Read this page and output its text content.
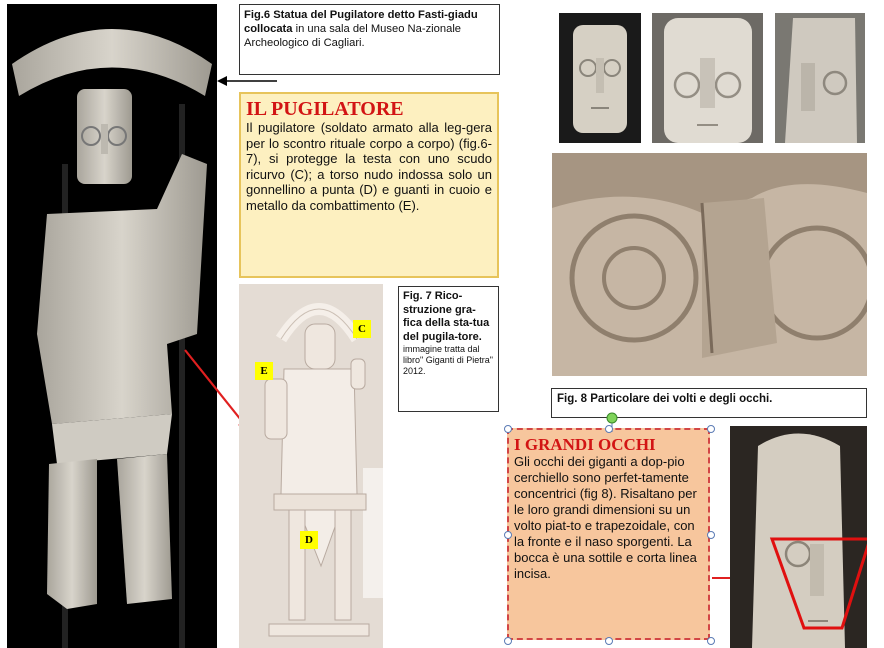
Fig.6 Statua del Pugilatore detto Fasti-giadu collocata in una sala del Museo Na-zionale Archeologico di Cagliari.
IL PUGILATORE

Il pugilatore (soldato armato alla leg-gera per lo scontro rituale corpo a corpo) (fig.6-7), si protegge la testa con uno scudo ricurvo (C); a torso nudo indossa solo un gonnellino a punta (D) e guanti in cuoio e metallo da combattimento (E).

C
E
D
Fig. 7 Rico-struzione gra-fica della sta-tua del pugila-tore.
immagine tratta dal libro" Giganti di Pietra" 2012.
Fig. 8 Particolare dei volti e degli occhi.
I GRANDI OCCHI

Gli occhi dei giganti a dop-pio cerchiello sono perfet-tamente concentrici (fig 8). Risaltano per le loro grandi dimensioni su un volto piat-to e trapezoidale, con la fronte e il naso sporgenti. La bocca è una sottile e corta linea incisa.
